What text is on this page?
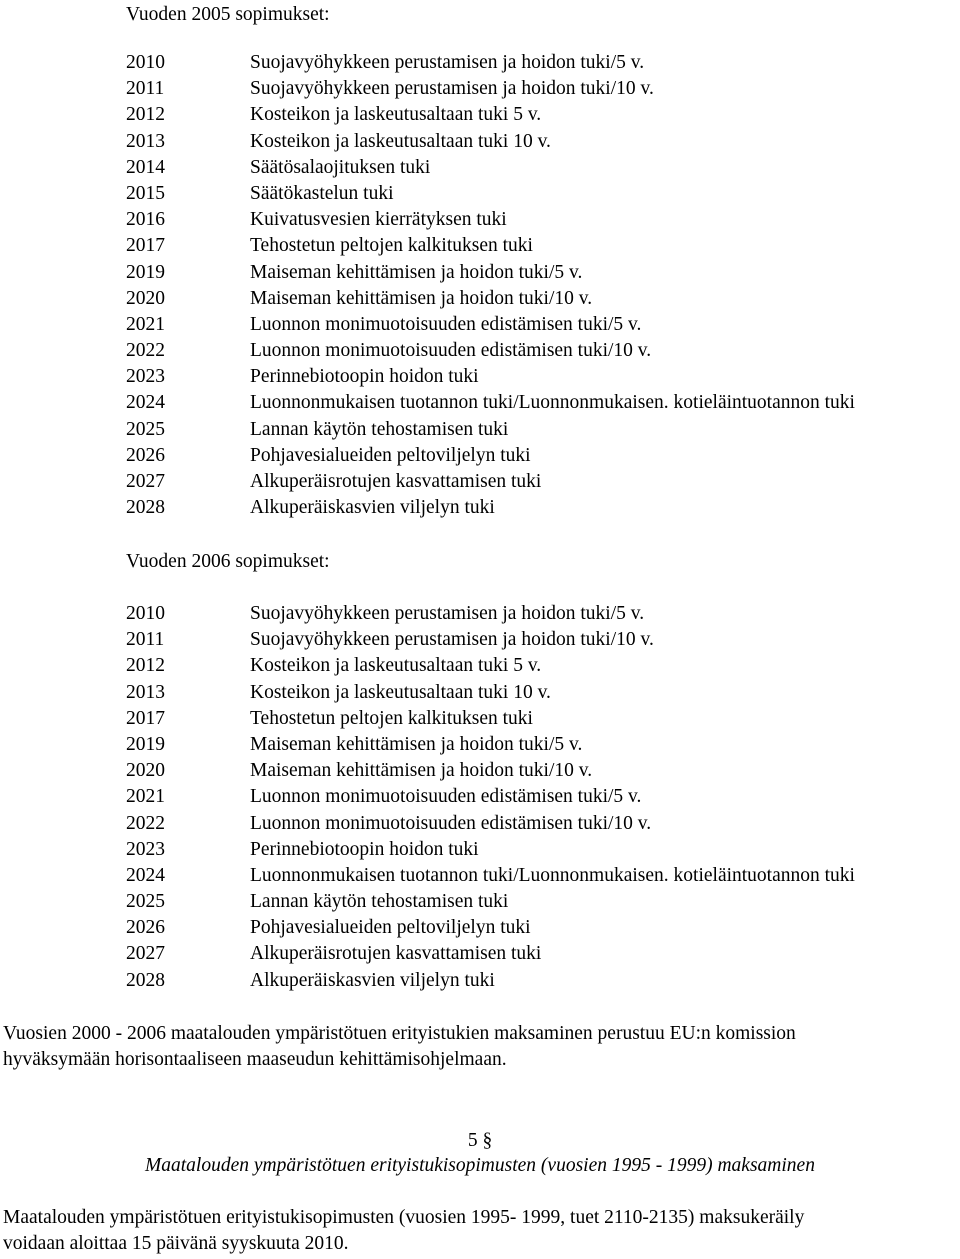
Vuoden 2005 sopimukset:
2010	Suojavyöhykkeen perustamisen ja hoidon tuki/5 v.
2011	Suojavyöhykkeen perustamisen ja hoidon tuki/10 v.
2012	Kosteikon ja laskeutusaltaan tuki 5 v.
2013	Kosteikon ja laskeutusaltaan tuki 10 v.
2014	Säätösalaojituksen tuki
2015	Säätökastelun tuki
2016	Kuivatusvesien kierrätyksen tuki
2017	Tehostetun peltojen kalkituksen tuki
2019	Maiseman kehittämisen ja hoidon tuki/5 v.
2020	Maiseman kehittämisen ja hoidon tuki/10 v.
2021	Luonnon monimuotoisuuden edistämisen tuki/5 v.
2022	Luonnon monimuotoisuuden edistämisen tuki/10 v.
2023	Perinnebiotoopin hoidon tuki
2024	Luonnonmukaisen tuotannon tuki/Luonnonmukaisen. kotieläintuotannon tuki
2025	Lannan käytön tehostamisen tuki
2026	Pohjavesialueiden peltoviljelyn tuki
2027	Alkuperäisrotujen kasvattamisen tuki
2028	Alkuperäiskasvien viljelyn tuki
Vuoden 2006 sopimukset:
2010	Suojavyöhykkeen perustamisen ja hoidon tuki/5 v.
2011	Suojavyöhykkeen perustamisen ja hoidon tuki/10 v.
2012	Kosteikon ja laskeutusaltaan tuki 5 v.
2013	Kosteikon ja laskeutusaltaan tuki 10 v.
2017	Tehostetun peltojen kalkituksen tuki
2019	Maiseman kehittämisen ja hoidon tuki/5 v.
2020	Maiseman kehittämisen ja hoidon tuki/10 v.
2021	Luonnon monimuotoisuuden edistämisen tuki/5 v.
2022	Luonnon monimuotoisuuden edistämisen tuki/10 v.
2023	Perinnebiotoopin hoidon tuki
2024	Luonnonmukaisen tuotannon tuki/Luonnonmukaisen. kotieläintuotannon tuki
2025	Lannan käytön tehostamisen tuki
2026	Pohjavesialueiden peltoviljelyn tuki
2027	Alkuperäisrotujen kasvattamisen tuki
2028	Alkuperäiskasvien viljelyn tuki

Vuosien 2000 - 2006 maatalouden ympäristötuen erityistukien maksaminen perustuu EU:n komission
hyväksymään horisontaaliseen maaseudun kehittämisohjelmaan.

5 §
Maatalouden ympäristötuen erityistukisopimusten (vuosien 1995 - 1999) maksaminen

Maatalouden ympäristötuen erityistukisopimusten (vuosien 1995- 1999, tuet 2110-2135) maksukeräily
voidaan aloittaa 15 päivänä syyskuuta 2010.
